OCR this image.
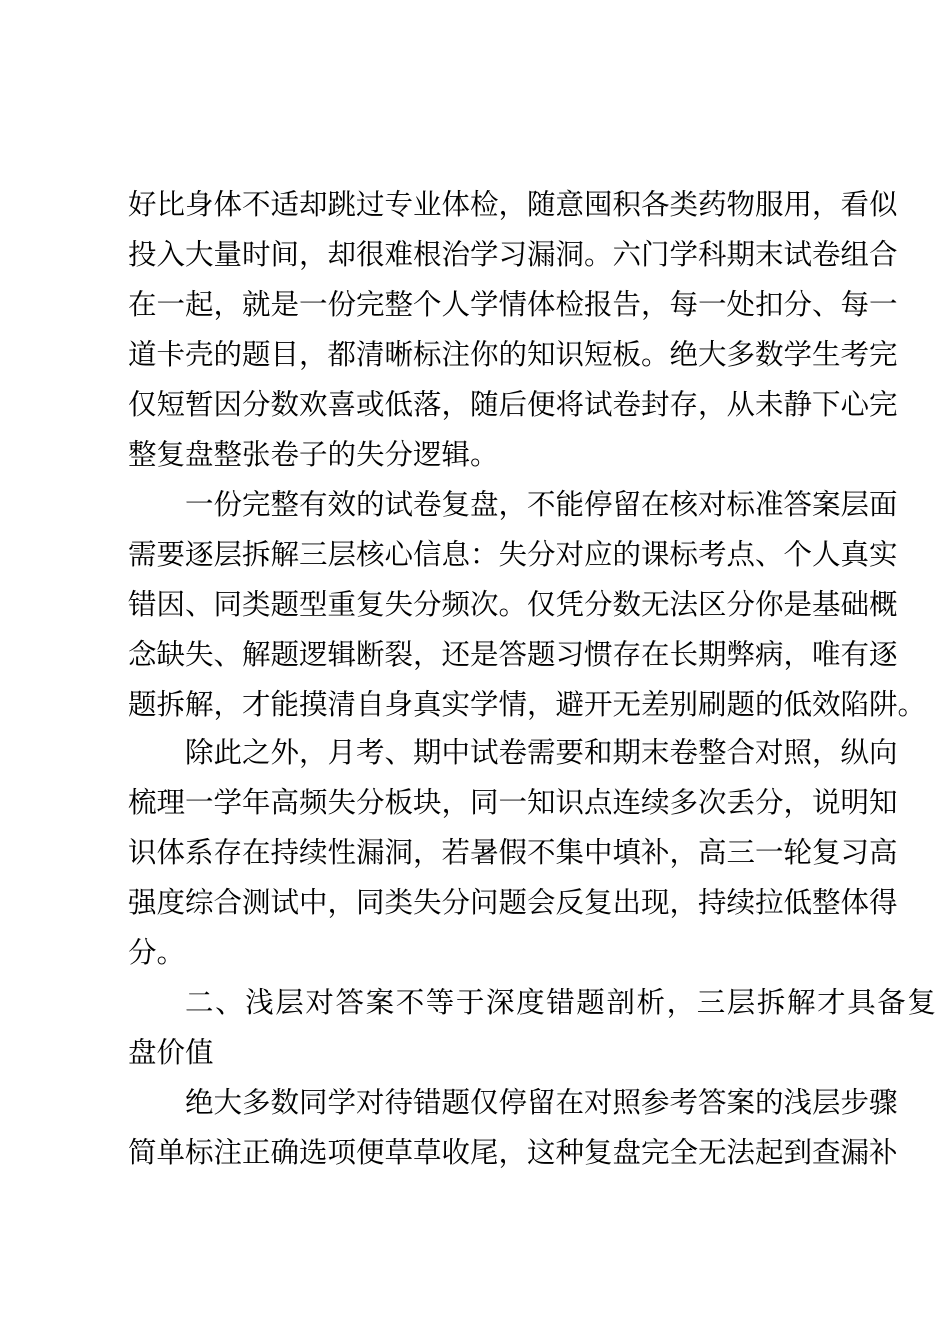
好比身体不适却跳过专业体检，随意囤积各类药物服用，看似
投入大量时间，却很难根治学习漏洞。六门学科期末试卷组合
在一起，就是一份完整个人学情体检报告，每一处扣分、每一
道卡壳的题目，都清晰标注你的知识短板。绝大多数学生考完
仅短暂因分数欢喜或低落，随后便将试卷封存，从未静下心完
整复盘整张卷子的失分逻辑。
一份完整有效的试卷复盘，不能停留在核对标准答案层面
需要逐层拆解三层核心信息：失分对应的课标考点、个人真实
错因、同类题型重复失分频次。仅凭分数无法区分你是基础概
念缺失、解题逻辑断裂，还是答题习惯存在长期弊病，唯有逐
题拆解，才能摸清自身真实学情，避开无差别刷题的低效陷阱。
除此之外，月考、期中试卷需要和期末卷整合对照，纵向
梳理一学年高频失分板块，同一知识点连续多次丢分，说明知
识体系存在持续性漏洞，若暑假不集中填补，高三一轮复习高
强度综合测试中，同类失分问题会反复出现，持续拉低整体得
分。
二、浅层对答案不等于深度错题剖析，三层拆解才具备复
盘价值
绝大多数同学对待错题仅停留在对照参考答案的浅层步骤
简单标注正确选项便草草收尾，这种复盘完全无法起到查漏补
